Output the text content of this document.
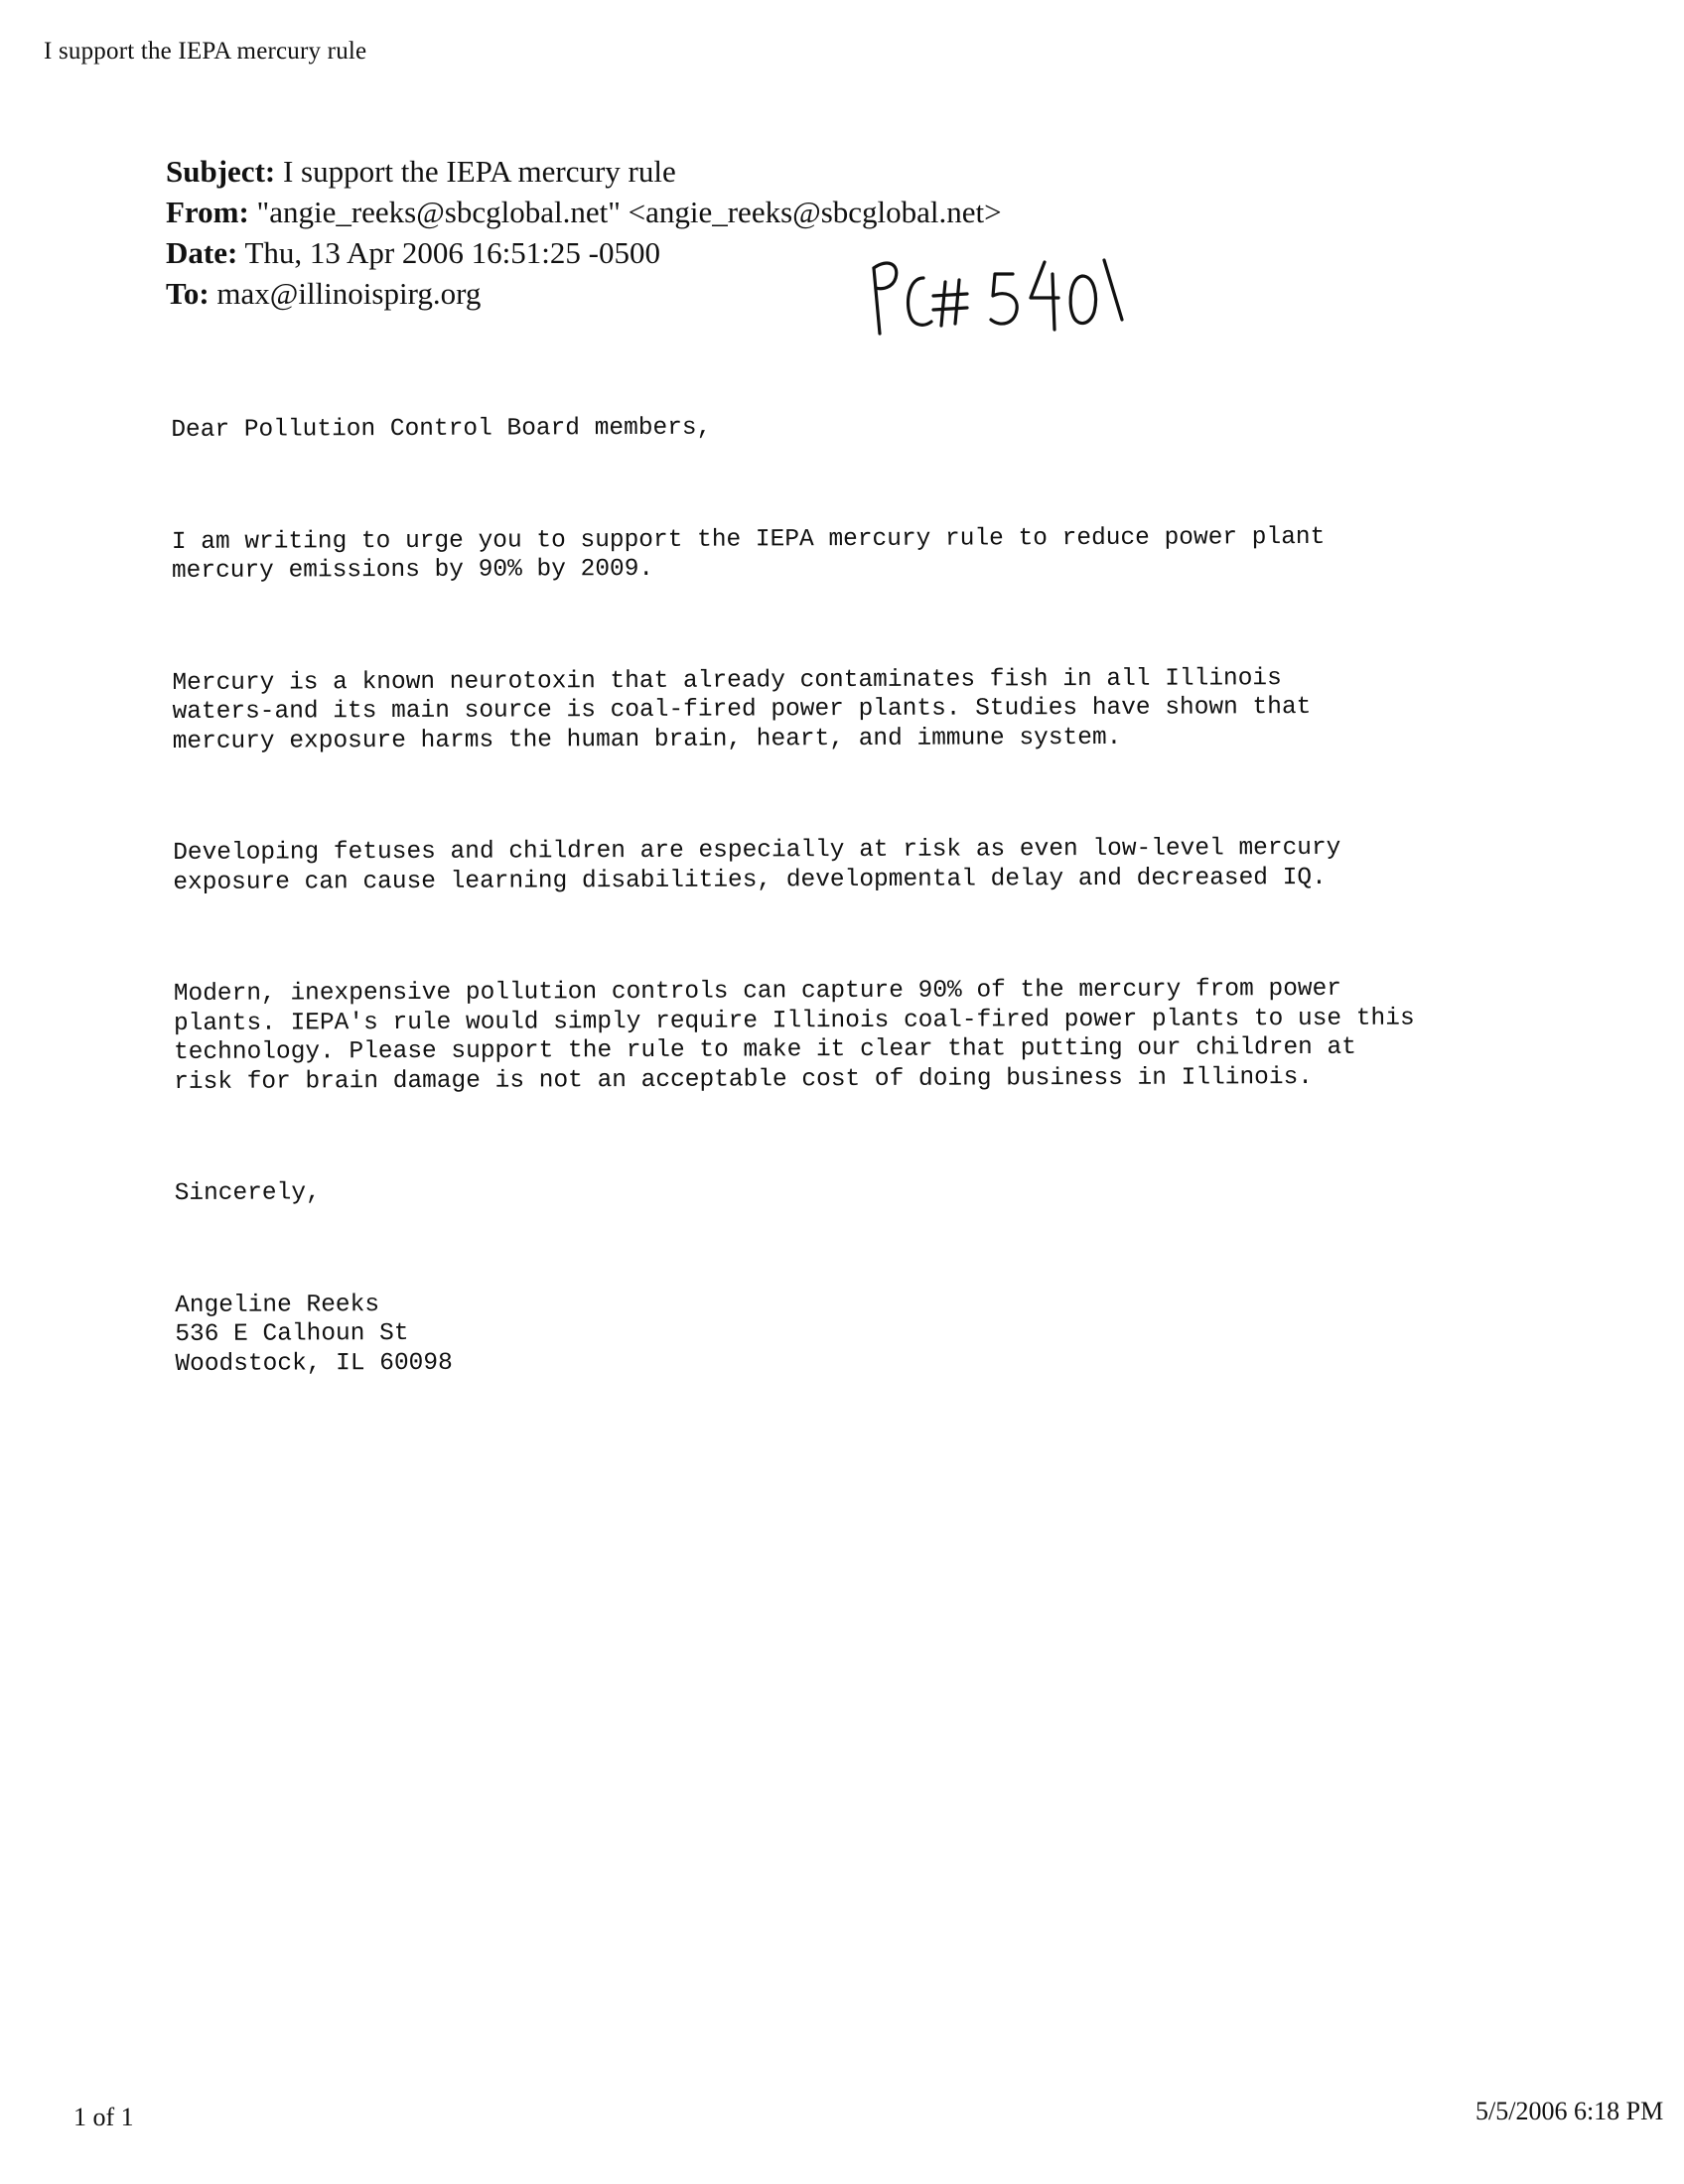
I support the IEPA mercury rule
Subject: I support the IEPA mercury rule
From: "angie_reeks@sbcglobal.net" <angie_reeks@sbcglobal.net>
Date: Thu, 13 Apr 2006 16:51:25 -0500
To: max@illinoispirg.org

Dear Pollution Control Board members,

I am writing to urge you to support the IEPA mercury rule to reduce power plant
mercury emissions by 90% by 2009.

Mercury is a known neurotoxin that already contaminates fish in all Illinois
waters-and its main source is coal-fired power plants. Studies have shown that
mercury exposure harms the human brain, heart, and immune system.

Developing fetuses and children are especially at risk as even low-level mercury
exposure can cause learning disabilities, developmental delay and decreased IQ.

Modern, inexpensive pollution controls can capture 90% of the mercury from power
plants. IEPA's rule would simply require Illinois coal-fired power plants to use this
technology. Please support the rule to make it clear that putting our children at
risk for brain damage is not an acceptable cost of doing business in Illinois.

Sincerely,

Angeline Reeks
536 E Calhoun St
Woodstock, IL 60098

1 of 1	5/5/2006 6:18 PM
